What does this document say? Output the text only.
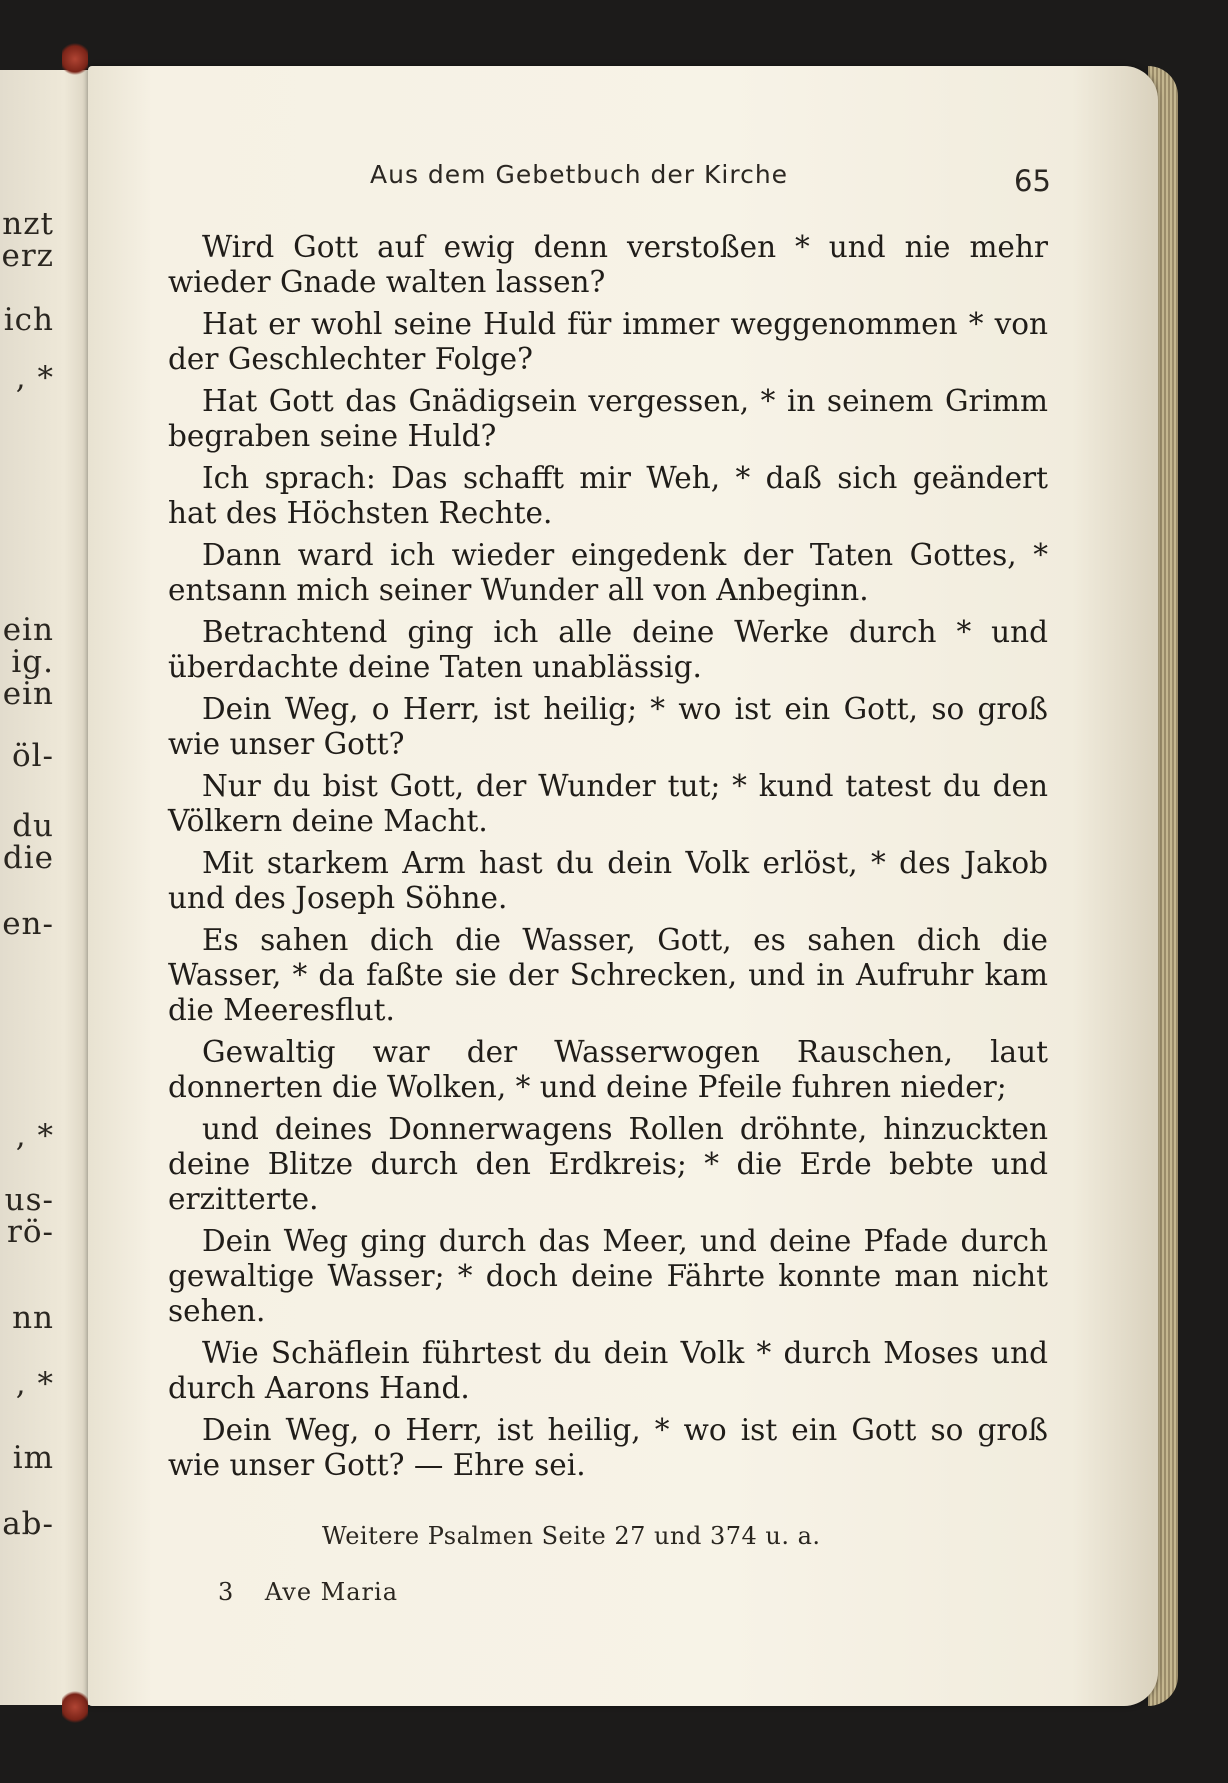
nzt
erz
ich
, *
ein
ig.
ein
öl-
du
die
en-
, *
us-
rö-
nn
, *
im
ab-
Aus dem Gebetbuch der Kirche	65

Wird Gott auf ewig denn verstoßen * und nie mehr wieder Gnade walten lassen?

Hat er wohl seine Huld für immer weggenommen * von der Geschlechter Folge?

Hat Gott das Gnädigsein vergessen, * in seinem Grimm begraben seine Huld?

Ich sprach: Das schafft mir Weh, * daß sich geändert hat des Höchsten Rechte.

Dann ward ich wieder eingedenk der Taten Gottes, * entsann mich seiner Wunder all von Anbeginn.

Betrachtend ging ich alle deine Werke durch * und überdachte deine Taten unablässig.

Dein Weg, o Herr, ist heilig; * wo ist ein Gott, so groß wie unser Gott?

Nur du bist Gott, der Wunder tut; * kund tatest du den Völkern deine Macht.

Mit starkem Arm hast du dein Volk erlöst, * des Jakob und des Joseph Söhne.

Es sahen dich die Wasser, Gott, es sahen dich die Wasser, * da faßte sie der Schrecken, und in Aufruhr kam die Meeresflut.

Gewaltig war der Wasserwogen Rauschen, laut donnerten die Wolken, * und deine Pfeile fuhren nieder;

und deines Donnerwagens Rollen dröhnte, hinzuckten deine Blitze durch den Erdkreis; * die Erde bebte und erzitterte.

Dein Weg ging durch das Meer, und deine Pfade durch gewaltige Wasser; * doch deine Fährte konnte man nicht sehen.

Wie Schäflein führtest du dein Volk * durch Moses und durch Aarons Hand.

Dein Weg, o Herr, ist heilig, * wo ist ein Gott so groß wie unser Gott? — Ehre sei.

Weitere Psalmen Seite 27 und 374 u. a.
3 Ave Maria
